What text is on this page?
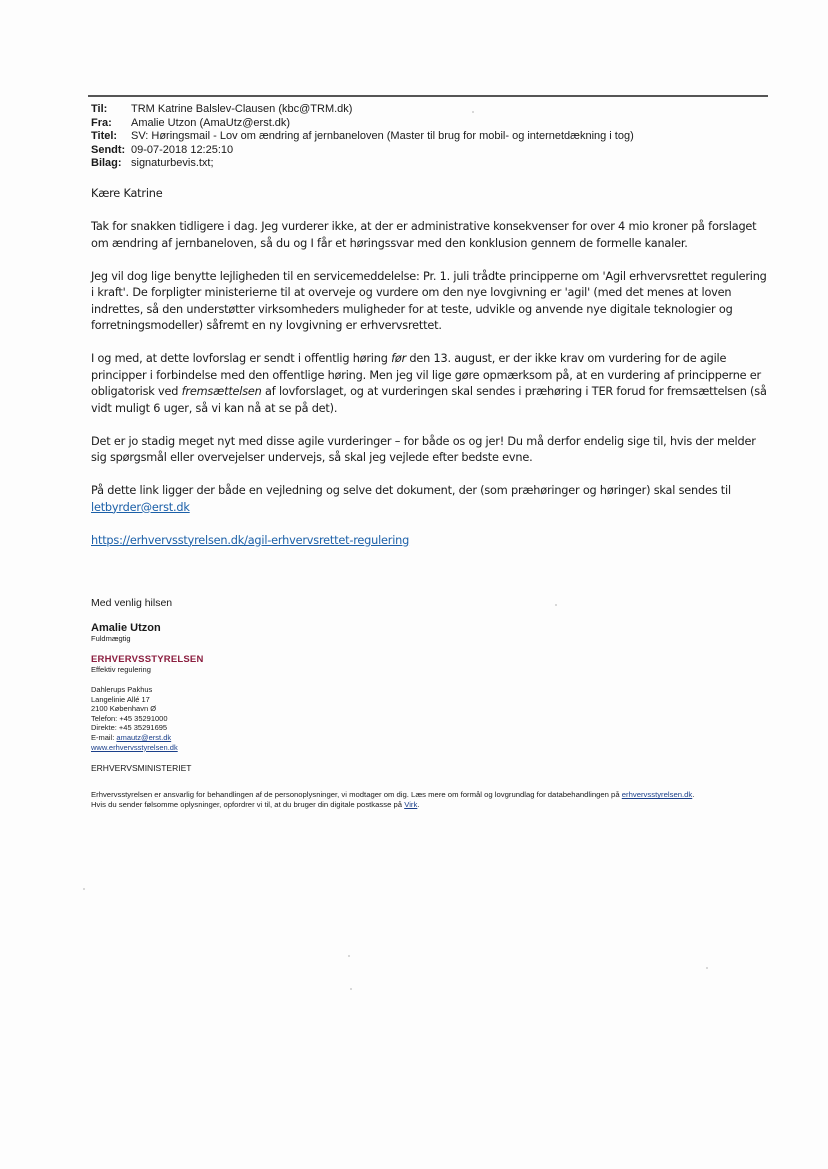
Til: TRM Katrine Balslev-Clausen (kbc@TRM.dk)
Fra: Amalie Utzon (AmaUtz@erst.dk)
Titel: SV: Høringsmail - Lov om ændring af jernbaneloven (Master til brug for mobil- og internetdækning i tog)
Sendt: 09-07-2018 12:25:10
Bilag: signaturbevis.txt;

Kære Katrine

Tak for snakken tidligere i dag. Jeg vurderer ikke, at der er administrative konsekvenser for over 4 mio kroner på forslaget om ændring af jernbaneloven, så du og I får et høringssvar med den konklusion gennem de formelle kanaler.

Jeg vil dog lige benytte lejligheden til en servicemeddelelse: Pr. 1. juli trådte principperne om 'Agil erhvervsrettet regulering i kraft'. De forpligter ministerierne til at overveje og vurdere om den nye lovgivning er 'agil' (med det menes at loven indrettes, så den understøtter virksomheders muligheder for at teste, udvikle og anvende nye digitale teknologier og forretningsmodeller) såfremt en ny lovgivning er erhvervsrettet.

I og med, at dette lovforslag er sendt i offentlig høring før den 13. august, er der ikke krav om vurdering for de agile principper i forbindelse med den offentlige høring. Men jeg vil lige gøre opmærksom på, at en vurdering af principperne er obligatorisk ved fremsættelsen af lovforslaget, og at vurderingen skal sendes i præhøring i TER forud for fremsættelsen (så vidt muligt 6 uger, så vi kan nå at se på det).

Det er jo stadig meget nyt med disse agile vurderinger – for både os og jer! Du må derfor endelig sige til, hvis der melder sig spørgsmål eller overvejelser undervejs, så skal jeg vejlede efter bedste evne.

På dette link ligger der både en vejledning og selve det dokument, der (som præhøringer og høringer) skal sendes til
letbyrder@erst.dk

https://erhvervsstyrelsen.dk/agil-erhvervsrettet-regulering

Med venlig hilsen
Amalie Utzon
Fuldmægtig
ERHVERVSSTYRELSEN
Effektiv regulering
Dahlerups Pakhus
Langelinie Allé 17
2100 København Ø
Telefon: +45 35291000
Direkte: +45 35291695
E-mail: amautz@erst.dk
www.erhvervsstyrelsen.dk
ERHVERVSMINISTERIET
Erhvervsstyrelsen er ansvarlig for behandlingen af de personoplysninger, vi modtager om dig. Læs mere om formål og lovgrundlag for databehandlingen på erhvervsstyrelsen.dk.
Hvis du sender følsomme oplysninger, opfordrer vi til, at du bruger din digitale postkasse på Virk.
